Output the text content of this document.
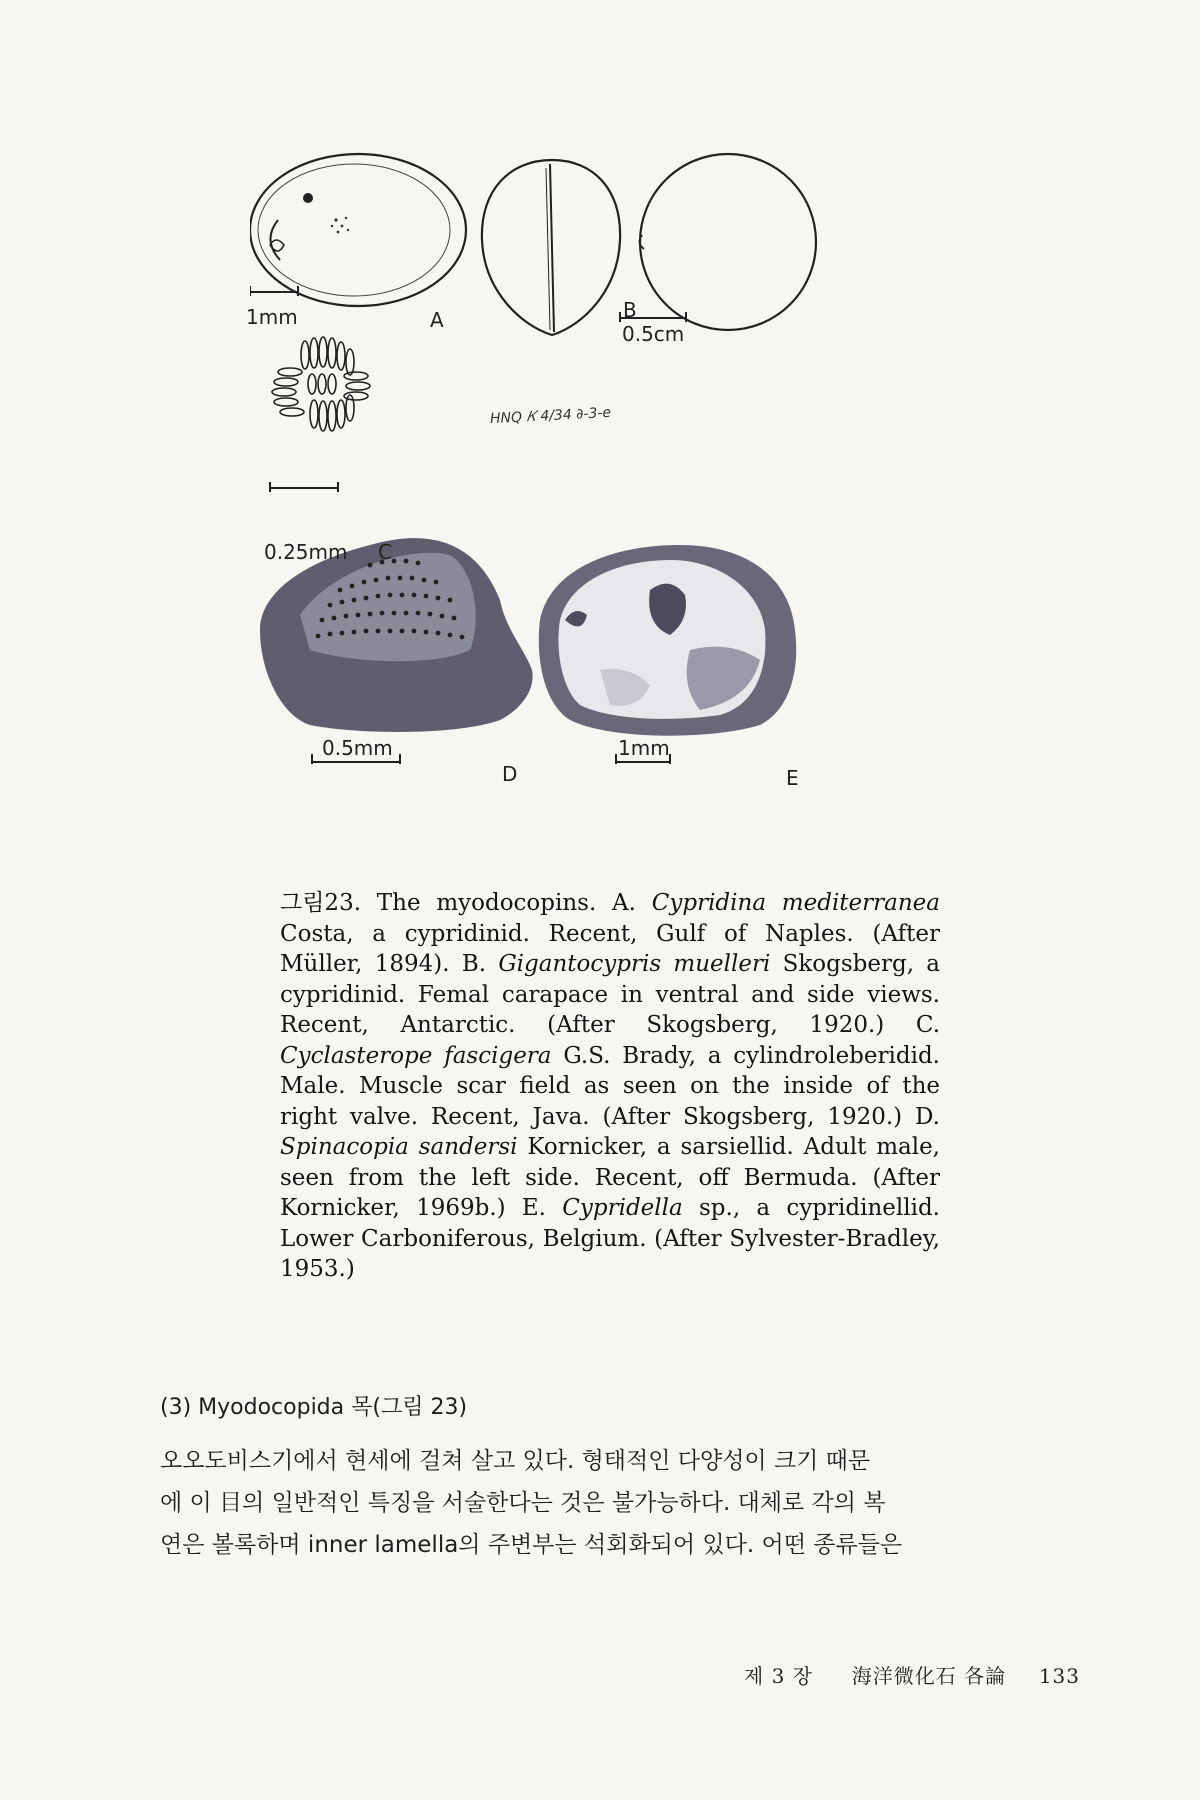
A
1mm	B
0.5cm
C
0.25mm
D
0.5mm
E
1mm
HNQ 𝐾 4/34 ∂-3-e
그림23. The myodocopins. A. Cypridina mediterranea Costa, a cypridinid. Recent, Gulf of Naples. (After Müller, 1894). B. Gigantocypris muelleri Skogsberg, a cypridinid. Femal carapace in ventral and side views. Recent, Antarctic. (After Skogsberg, 1920.) C. Cyclasterope fascigera G.S. Brady, a cylindroleberidid. Male. Muscle scar field as seen on the inside of the right valve. Recent, Java. (After Skogsberg, 1920.) D. Spinacopia sandersi Kornicker, a sarsiellid. Adult male, seen from the left side. Recent, off Bermuda. (After Kornicker, 1969b.) E. Cypridella sp., a cypridinellid. Lower Carboniferous, Belgium. (After Sylvester-Bradley, 1953.)
(3) Myodocopida 목(그림 23)
오오도비스기에서 현세에 걸쳐 살고 있다. 형태적인 다양성이 크기 때문
에 이 目의 일반적인 특징을 서술한다는 것은 불가능하다. 대체로 각의 복
연은 볼록하며 inner lamella의 주변부는 석회화되어 있다. 어떤 종류들은
제 3 장 海洋微化石 各論 133
